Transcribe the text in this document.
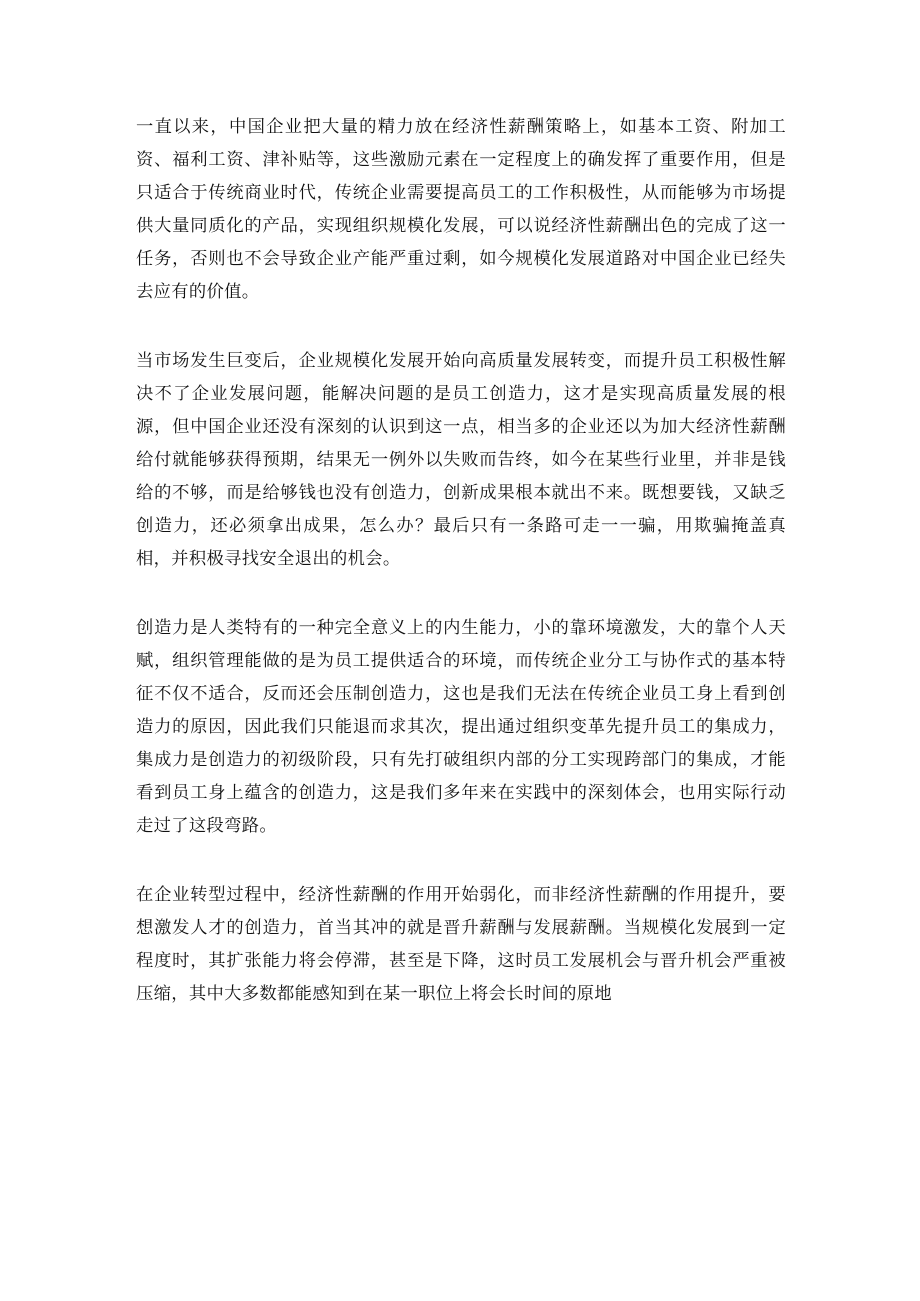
一直以来，中国企业把大量的精力放在经济性薪酬策略上，如基本工资、附加工资、福利工资、津补贴等，这些激励元素在一定程度上的确发挥了重要作用，但是只适合于传统商业时代，传统企业需要提高员工的工作积极性，从而能够为市场提供大量同质化的产品，实现组织规模化发展，可以说经济性薪酬出色的完成了这一任务，否则也不会导致企业产能严重过剩，如今规模化发展道路对中国企业已经失去应有的价值。

当市场发生巨变后，企业规模化发展开始向高质量发展转变，而提升员工积极性解决不了企业发展问题，能解决问题的是员工创造力，这才是实现高质量发展的根源，但中国企业还没有深刻的认识到这一点，相当多的企业还以为加大经济性薪酬给付就能够获得预期，结果无一例外以失败而告终，如今在某些行业里，并非是钱给的不够，而是给够钱也没有创造力，创新成果根本就出不来。既想要钱，又缺乏创造力，还必须拿出成果，怎么办？最后只有一条路可走一一骗，用欺骗掩盖真相，并积极寻找安全退出的机会。

创造力是人类特有的一种完全意义上的内生能力，小的靠环境激发，大的靠个人天赋，组织管理能做的是为员工提供适合的环境，而传统企业分工与协作式的基本特征不仅不适合，反而还会压制创造力，这也是我们无法在传统企业员工身上看到创造力的原因，因此我们只能退而求其次，提出通过组织变革先提升员工的集成力，集成力是创造力的初级阶段，只有先打破组织内部的分工实现跨部门的集成，才能看到员工身上蕴含的创造力，这是我们多年来在实践中的深刻体会，也用实际行动走过了这段弯路。

在企业转型过程中，经济性薪酬的作用开始弱化，而非经济性薪酬的作用提升，要想激发人才的创造力，首当其冲的就是晋升薪酬与发展薪酬。当规模化发展到一定程度时，其扩张能力将会停滞，甚至是下降，这时员工发展机会与晋升机会严重被压缩，其中大多数都能感知到在某一职位上将会长时间的原地
